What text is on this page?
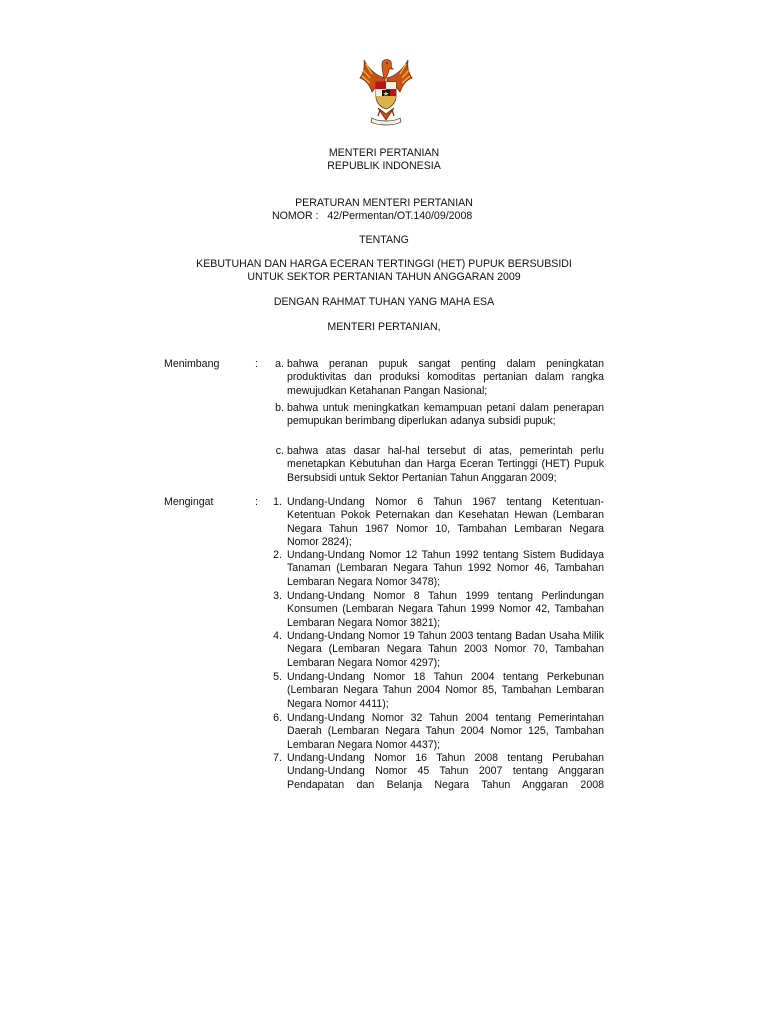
MENTERI PERTANIAN
REPUBLIK INDONESIA
PERATURAN MENTERI PERTANIAN
NOMOR : 42/Permentan/OT.140/09/2008
TENTANG
KEBUTUHAN DAN HARGA ECERAN TERTINGGI (HET) PUPUK BERSUBSIDI
UNTUK SEKTOR PERTANIAN TAHUN ANGGARAN 2009
DENGAN RAHMAT TUHAN YANG MAHA ESA
MENTERI PERTANIAN,
Menimbang	:	a. bahwa peranan pupuk sangat penting dalam peningkatan produktivitas dan produksi komoditas pertanian dalam rangka mewujudkan Ketahanan Pangan Nasional;
b. bahwa untuk meningkatkan kemampuan petani dalam penerapan pemupukan berimbang diperlukan adanya subsidi pupuk;
c. bahwa atas dasar hal-hal tersebut di atas, pemerintah perlu menetapkan Kebutuhan dan Harga Eceran Tertinggi (HET) Pupuk Bersubsidi untuk Sektor Pertanian Tahun Anggaran 2009;
Mengingat	:	1. Undang-Undang Nomor 6 Tahun 1967 tentang Ketentuan-Ketentuan Pokok Peternakan dan Kesehatan Hewan (Lembaran Negara Tahun 1967 Nomor 10, Tambahan Lembaran Negara Nomor 2824);
2. Undang-Undang Nomor 12 Tahun 1992 tentang Sistem Budidaya Tanaman (Lembaran Negara Tahun 1992 Nomor 46, Tambahan Lembaran Negara Nomor 3478);
3. Undang-Undang Nomor 8 Tahun 1999 tentang Perlindungan Konsumen (Lembaran Negara Tahun 1999 Nomor 42, Tambahan Lembaran Negara Nomor 3821);
4. Undang-Undang Nomor 19 Tahun 2003 tentang Badan Usaha Milik Negara (Lembaran Negara Tahun 2003 Nomor 70, Tambahan Lembaran Negara Nomor 4297);
5. Undang-Undang Nomor 18 Tahun 2004 tentang Perkebunan (Lembaran Negara Tahun 2004 Nomor 85, Tambahan Lembaran Negara Nomor 4411);
6. Undang-Undang Nomor 32 Tahun 2004 tentang Pemerintahan Daerah (Lembaran Negara Tahun 2004 Nomor 125, Tambahan Lembaran Negara Nomor 4437);
7. Undang-Undang Nomor 16 Tahun 2008 tentang Perubahan Undang-Undang Nomor 45 Tahun 2007 tentang Anggaran Pendapatan dan Belanja Negara Tahun Anggaran 2008
